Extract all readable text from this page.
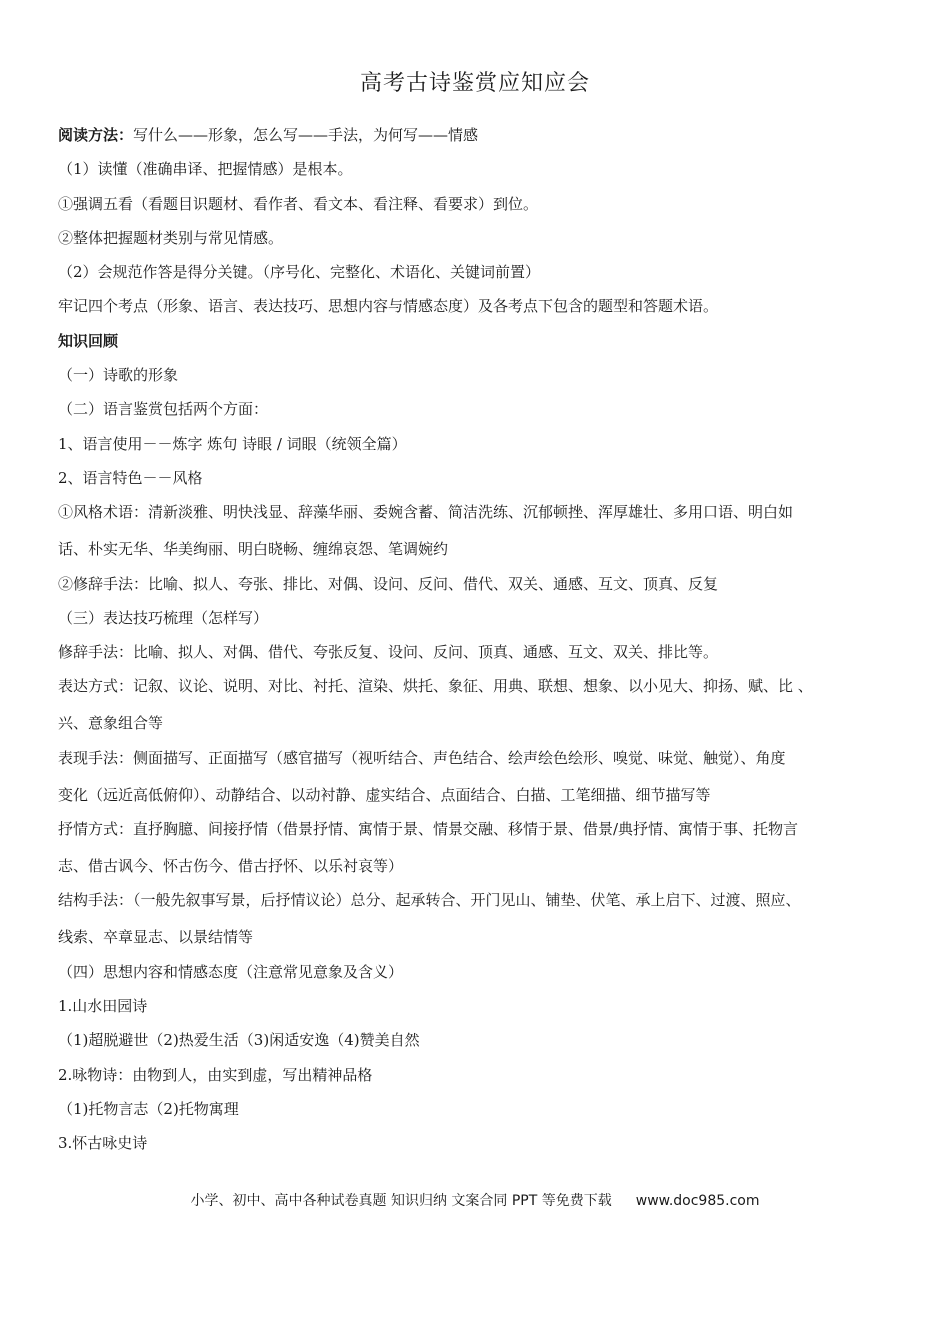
高考古诗鉴赏应知应会
阅读方法：写什么——形象，怎么写——手法，为何写——情感
（1）读懂（准确串译、把握情感）是根本。
①强调五看（看题目识题材、看作者、看文本、看注释、看要求）到位。
②整体把握题材类别与常见情感。
（2）会规范作答是得分关键。（序号化、完整化、术语化、关键词前置）
牢记四个考点（形象、语言、表达技巧、思想内容与情感态度）及各考点下包含的题型和答题术语。
知识回顾
（一）诗歌的形象
（二）语言鉴赏包括两个方面：
1、语言使用－－炼字 炼句 诗眼 / 词眼（统领全篇）
2、语言特色－－风格
①风格术语：清新淡雅、明快浅显、辞藻华丽、委婉含蓄、简洁洗练、沉郁顿挫、浑厚雄壮、多用口语、明白如
话、朴实无华、华美绚丽、明白晓畅、缠绵哀怨、笔调婉约
②修辞手法：比喻、拟人、夸张、排比、对偶、设问、反问、借代、双关、通感、互文、顶真、反复
（三）表达技巧梳理（怎样写）
修辞手法：比喻、拟人、对偶、借代、夸张反复、设问、反问、顶真、通感、互文、双关、排比等。
表达方式：记叙、议论、说明、对比、衬托、渲染、烘托、象征、用典、联想、想象、以小见大、抑扬、赋、比 、
兴、意象组合等
表现手法：侧面描写、正面描写（感官描写（视听结合、声色结合、绘声绘色绘形、嗅觉、味觉、触觉）、角度
变化（远近高低俯仰）、动静结合、以动衬静、虚实结合、点面结合、白描、工笔细描、细节描写等
抒情方式：直抒胸臆、间接抒情（借景抒情、寓情于景、情景交融、移情于景、借景/典抒情、寓情于事、托物言
志、借古讽今、怀古伤今、借古抒怀、以乐衬哀等）
结构手法：（一般先叙事写景，后抒情议论）总分、起承转合、开门见山、铺垫、伏笔、承上启下、过渡、照应、
线索、卒章显志、以景结情等
（四）思想内容和情感态度（注意常见意象及含义）
1.山水田园诗
（1)超脱避世（2)热爱生活（3)闲适安逸（4)赞美自然
2.咏物诗：由物到人，由实到虚，写出精神品格
（1)托物言志（2)托物寓理
3.怀古咏史诗
小学、初中、高中各种试卷真题 知识归纳 文案合同 PPT 等免费下载 www.doc985.com
